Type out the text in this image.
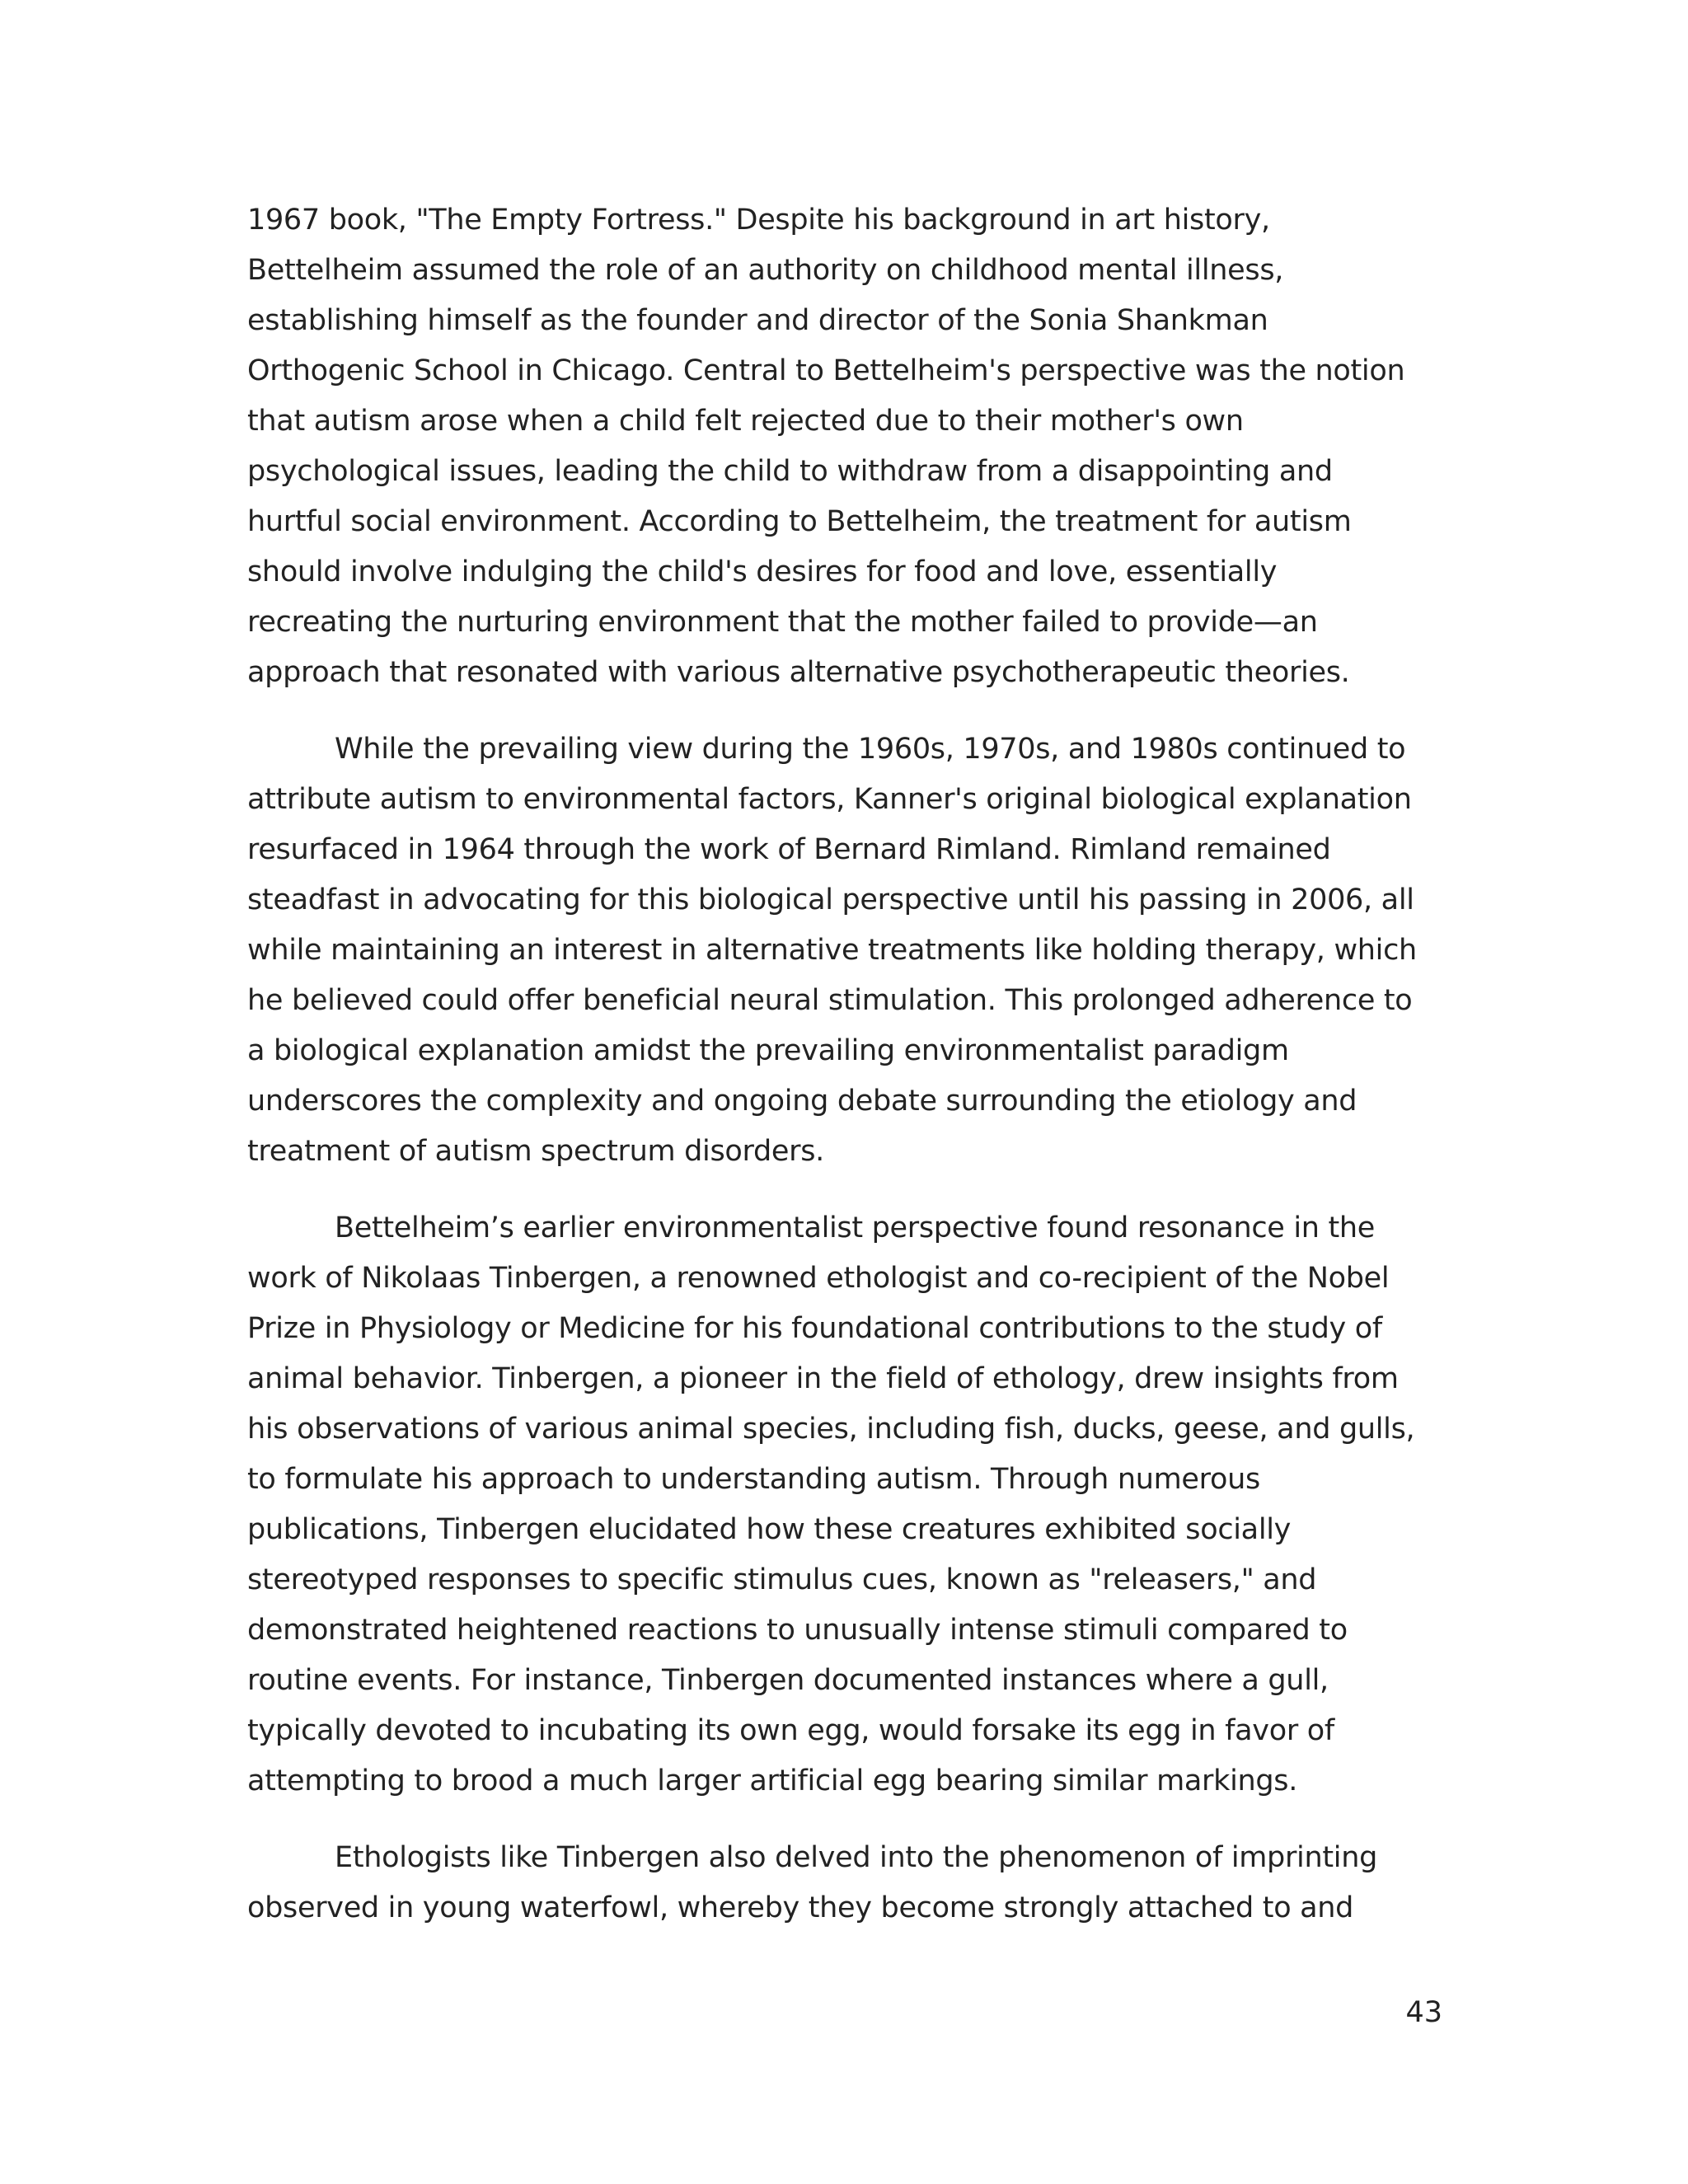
1967 book, "The Empty Fortress." Despite his background in art history,
Bettelheim assumed the role of an authority on childhood mental illness,
establishing himself as the founder and director of the Sonia Shankman
Orthogenic School in Chicago. Central to Bettelheim's perspective was the notion
that autism arose when a child felt rejected due to their mother's own
psychological issues, leading the child to withdraw from a disappointing and
hurtful social environment. According to Bettelheim, the treatment for autism
should involve indulging the child's desires for food and love, essentially
recreating the nurturing environment that the mother failed to provide—an
approach that resonated with various alternative psychotherapeutic theories.
While the prevailing view during the 1960s, 1970s, and 1980s continued to
attribute autism to environmental factors, Kanner's original biological explanation
resurfaced in 1964 through the work of Bernard Rimland. Rimland remained
steadfast in advocating for this biological perspective until his passing in 2006, all
while maintaining an interest in alternative treatments like holding therapy, which
he believed could offer beneficial neural stimulation. This prolonged adherence to
a biological explanation amidst the prevailing environmentalist paradigm
underscores the complexity and ongoing debate surrounding the etiology and
treatment of autism spectrum disorders.
Bettelheim’s earlier environmentalist perspective found resonance in the
work of Nikolaas Tinbergen, a renowned ethologist and co-recipient of the Nobel
Prize in Physiology or Medicine for his foundational contributions to the study of
animal behavior. Tinbergen, a pioneer in the field of ethology, drew insights from
his observations of various animal species, including fish, ducks, geese, and gulls,
to formulate his approach to understanding autism. Through numerous
publications, Tinbergen elucidated how these creatures exhibited socially
stereotyped responses to specific stimulus cues, known as "releasers," and
demonstrated heightened reactions to unusually intense stimuli compared to
routine events. For instance, Tinbergen documented instances where a gull,
typically devoted to incubating its own egg, would forsake its egg in favor of
attempting to brood a much larger artificial egg bearing similar markings.
Ethologists like Tinbergen also delved into the phenomenon of imprinting
observed in young waterfowl, whereby they become strongly attached to and
43
